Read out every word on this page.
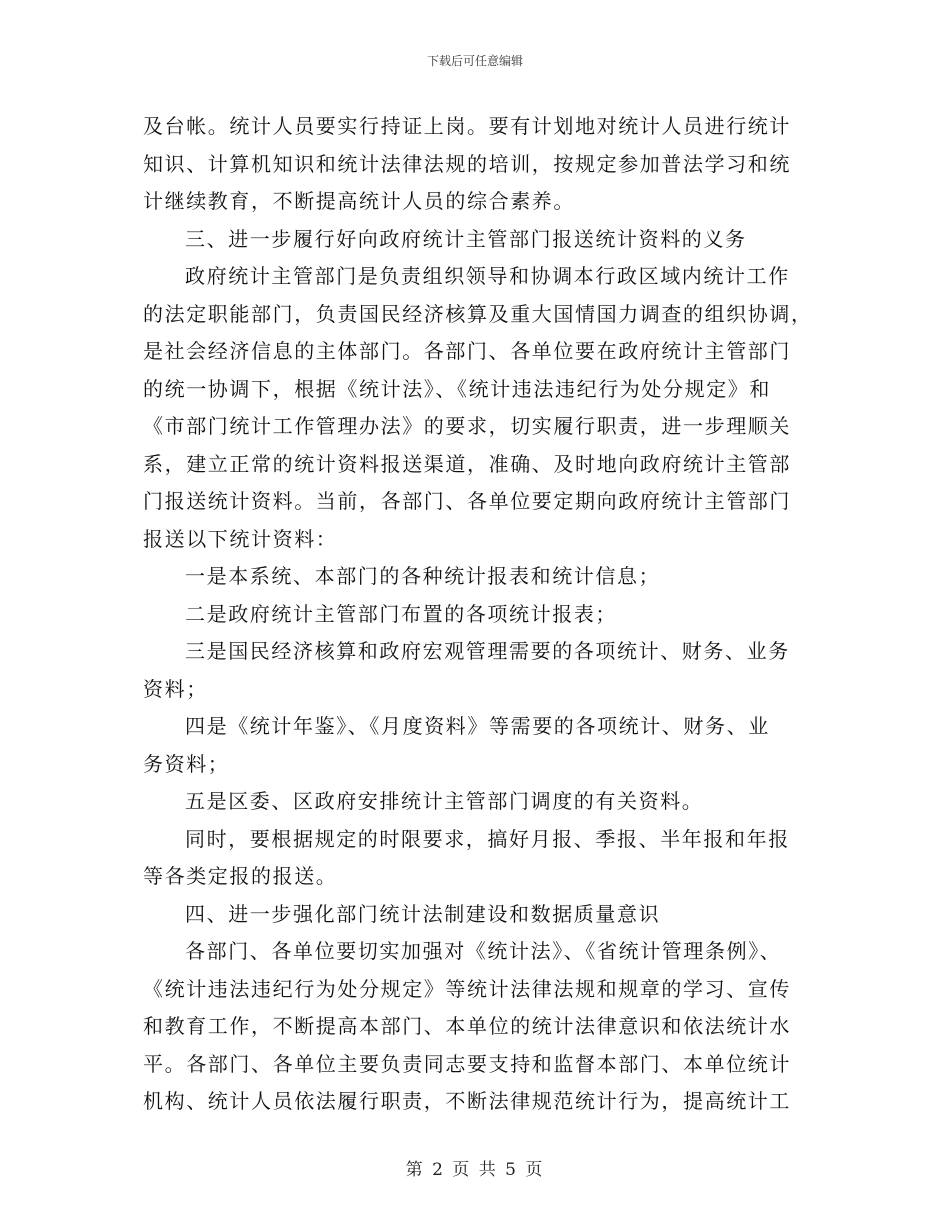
下载后可任意编辑
及台帐。统计人员要实行持证上岗。要有计划地对统计人员进行统计
知识、计算机知识和统计法律法规的培训，按规定参加普法学习和统
计继续教育，不断提高统计人员的综合素养。
三、进一步履行好向政府统计主管部门报送统计资料的义务
政府统计主管部门是负责组织领导和协调本行政区域内统计工作
的法定职能部门，负责国民经济核算及重大国情国力调查的组织协调，
是社会经济信息的主体部门。各部门、各单位要在政府统计主管部门
的统一协调下，根据《统计法》、《统计违法违纪行为处分规定》和
《市部门统计工作管理办法》的要求，切实履行职责，进一步理顺关
系，建立正常的统计资料报送渠道，准确、及时地向政府统计主管部
门报送统计资料。当前，各部门、各单位要定期向政府统计主管部门
报送以下统计资料：
一是本系统、本部门的各种统计报表和统计信息；
二是政府统计主管部门布置的各项统计报表；
三是国民经济核算和政府宏观管理需要的各项统计、财务、业务
资料；
四是《统计年鉴》、《月度资料》等需要的各项统计、财务、业
务资料；
五是区委、区政府安排统计主管部门调度的有关资料。
同时，要根据规定的时限要求，搞好月报、季报、半年报和年报
等各类定报的报送。
四、进一步强化部门统计法制建设和数据质量意识
各部门、各单位要切实加强对《统计法》、《省统计管理条例》、
《统计违法违纪行为处分规定》等统计法律法规和规章的学习、宣传
和教育工作，不断提高本部门、本单位的统计法律意识和依法统计水
平。各部门、各单位主要负责同志要支持和监督本部门、本单位统计
机构、统计人员依法履行职责，不断法律规范统计行为，提高统计工
第 2 页 共 5 页
